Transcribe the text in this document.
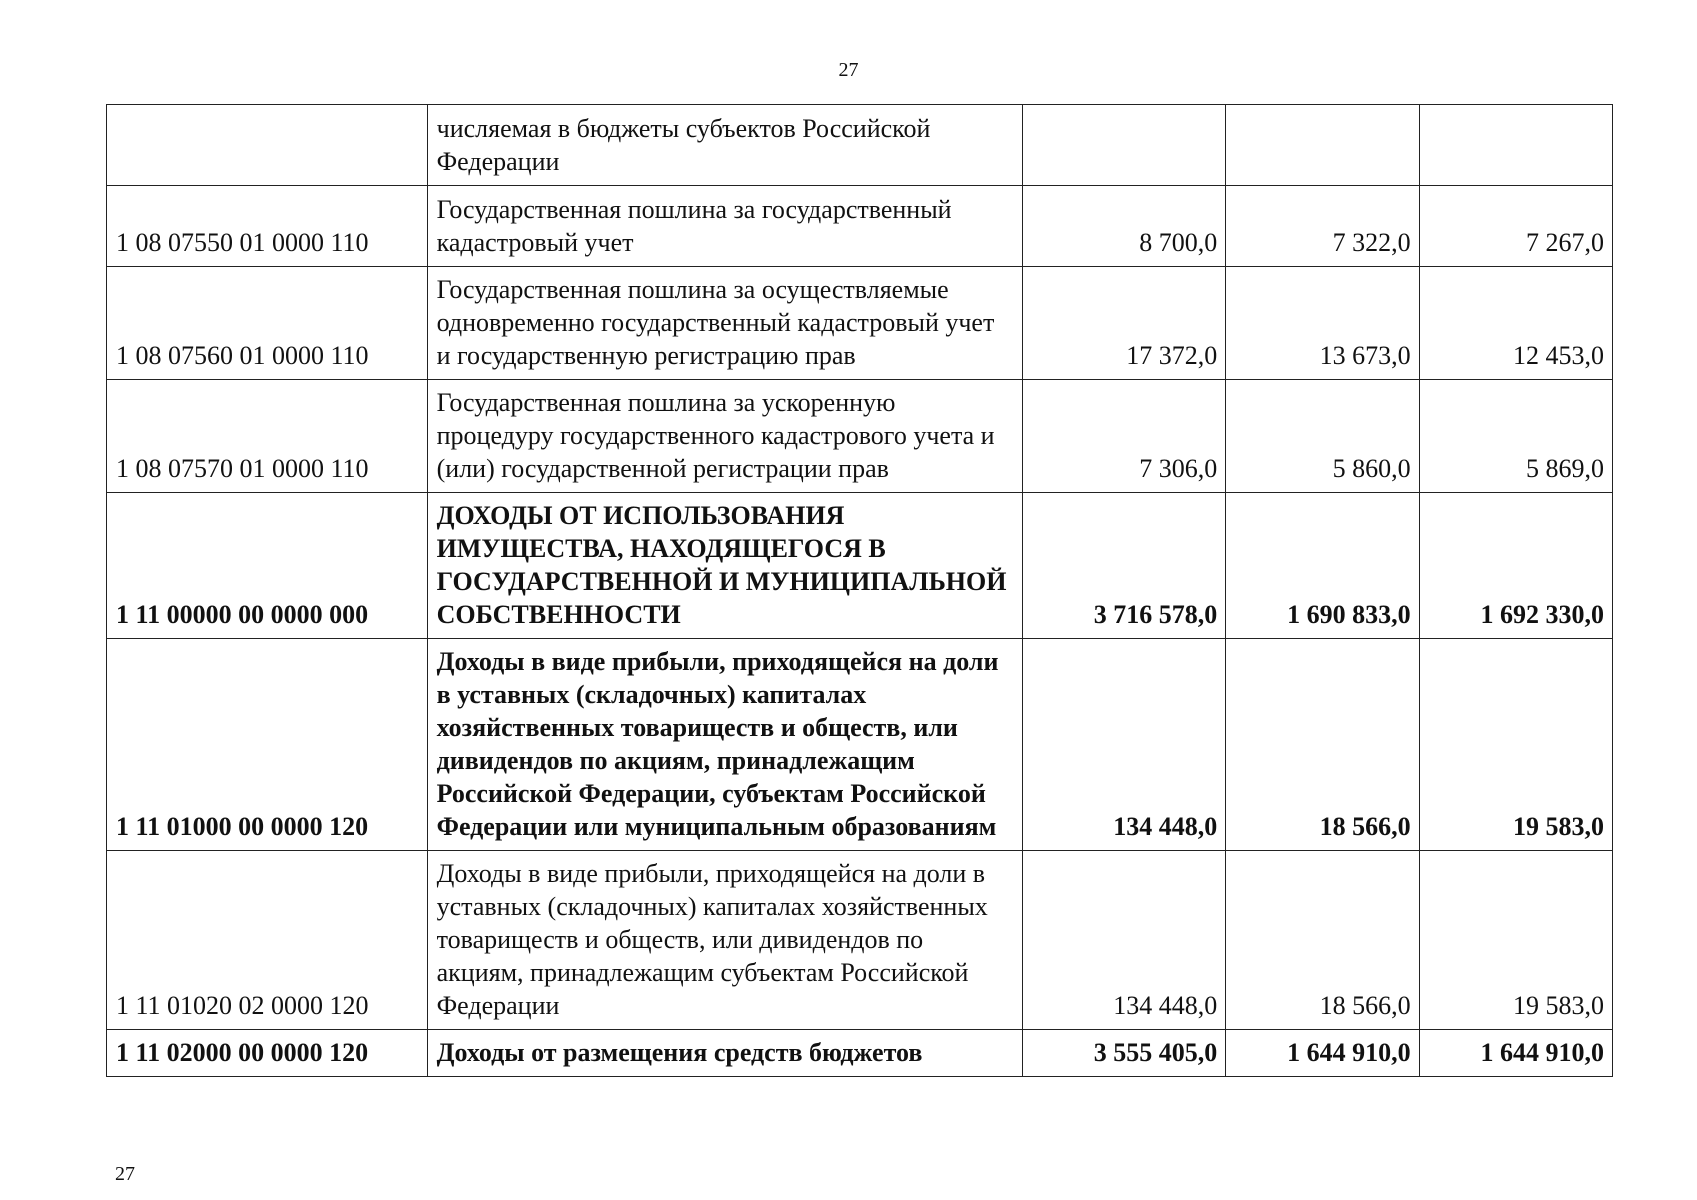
27
	числяемая в бюджеты субъектов Российской Федерации			
1 08 07550 01 0000 110	Государственная пошлина за государственный кадастровый учет	8 700,0	7 322,0	7 267,0
1 08 07560 01 0000 110	Государственная пошлина за осуществляемые одновременно государственный кадастровый учет и государственную регистрацию прав	17 372,0	13 673,0	12 453,0
1 08 07570 01 0000 110	Государственная пошлина за ускоренную процедуру государственного кадастрового учета и (или) государственной регистрации прав	7 306,0	5 860,0	5 869,0
1 11 00000 00 0000 000	ДОХОДЫ ОТ ИСПОЛЬЗОВАНИЯ ИМУЩЕСТВА, НАХОДЯЩЕГОСЯ В ГОСУДАРСТВЕННОЙ И МУНИЦИПАЛЬНОЙ СОБСТВЕННОСТИ	3 716 578,0	1 690 833,0	1 692 330,0
1 11 01000 00 0000 120	Доходы в виде прибыли, приходящейся на доли в уставных (складочных) капиталах хозяйственных товариществ и обществ, или дивидендов по акциям, принадлежащим Российской Федерации, субъектам Российской Федерации или муниципальным образованиям	134 448,0	18 566,0	19 583,0
1 11 01020 02 0000 120	Доходы в виде прибыли, приходящейся на доли в уставных (складочных) капиталах хозяйственных товариществ и обществ, или дивидендов по акциям, принадлежащим субъектам Российской Федерации	134 448,0	18 566,0	19 583,0
1 11 02000 00 0000 120	Доходы от размещения средств бюджетов	3 555 405,0	1 644 910,0	1 644 910,0
27
